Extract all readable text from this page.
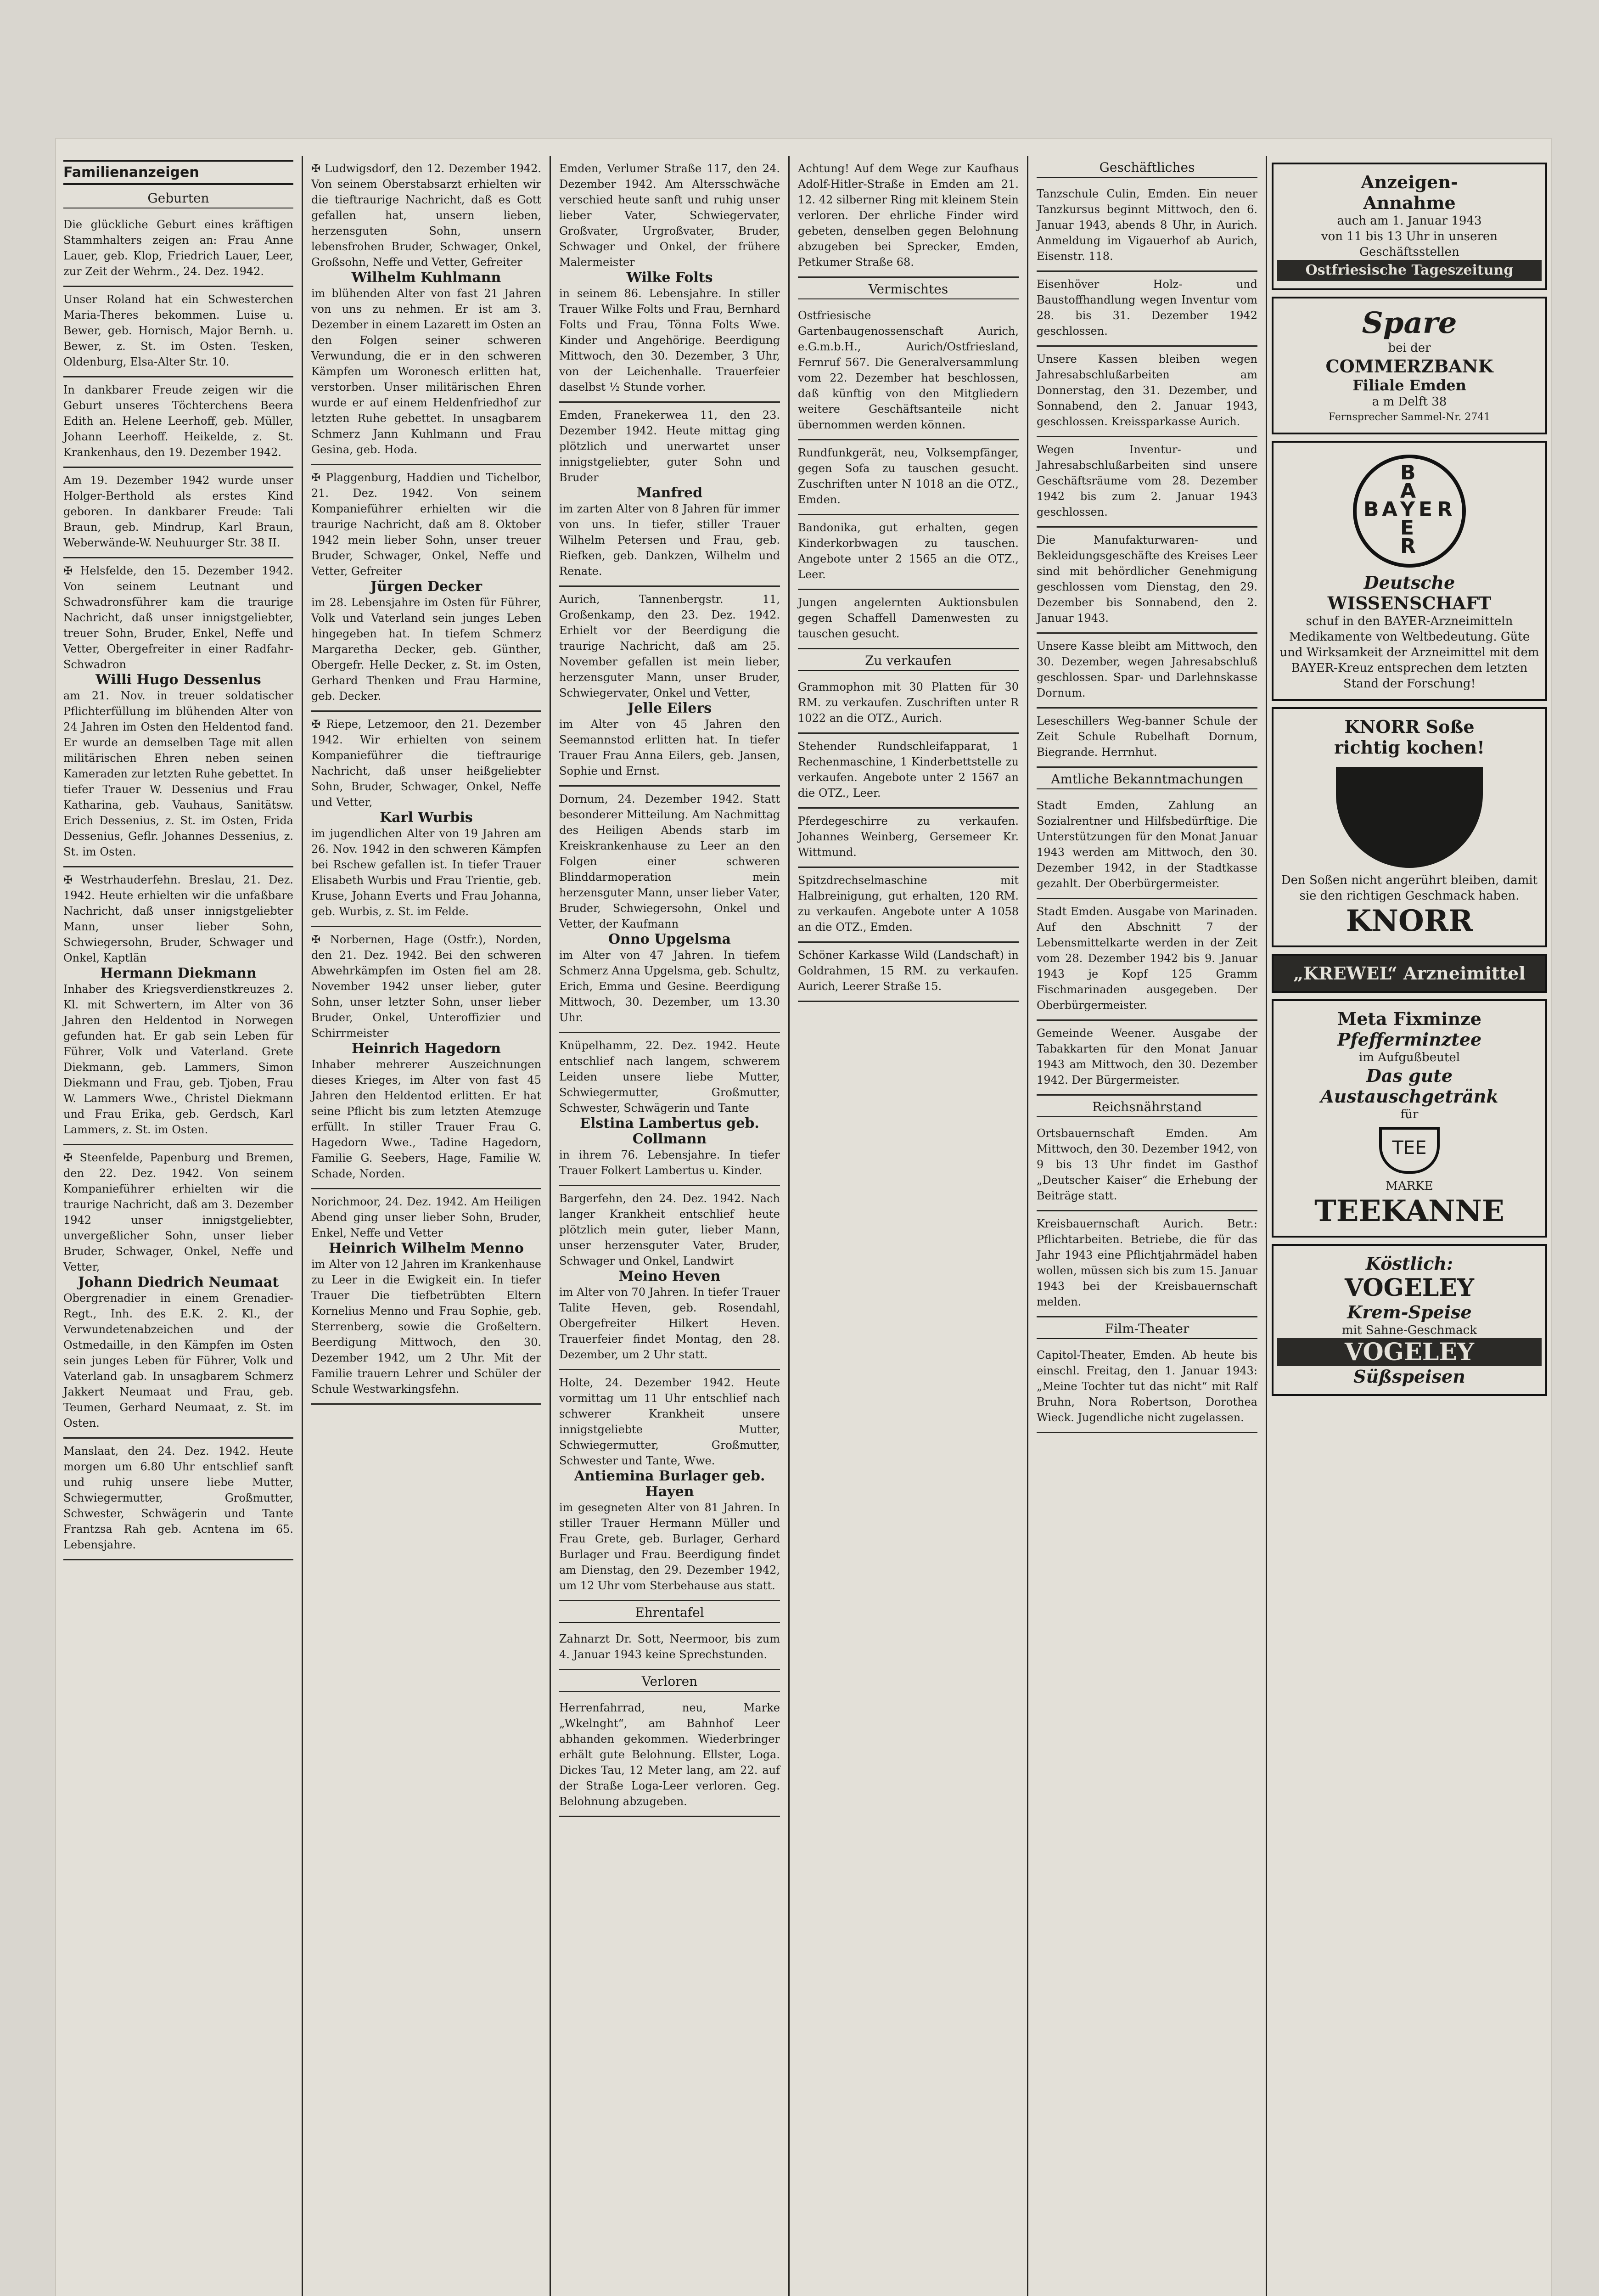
Familienanzeigen
Geburten
Die glückliche Geburt eines kräftigen Stammhalters zeigen an: Frau Anne Lauer, geb. Klop, Friedrich Lauer, Leer, zur Zeit der Wehrm., 24. Dez. 1942.
Unser Roland hat ein Schwesterchen Maria-Theres bekommen. Luise u. Bewer, geb. Hornisch, Major Bernh. u. Bewer, z. St. im Osten. Tesken, Oldenburg, Elsa-Alter Str. 10.
In dankbarer Freude zeigen wir die Geburt unseres Töchterchens Beera Edith an. Helene Leerhoff, geb. Müller, Johann Leerhoff. Heikelde, z. St. Krankenhaus, den 19. Dezember 1942.
Am 19. Dezember 1942 wurde unser Holger-Berthold als erstes Kind geboren. In dankbarer Freude: Tali Braun, geb. Mindrup, Karl Braun, Weberwände-W. Neuhuurger Str. 38 II.
✠ Helsfelde, den 15. Dezember 1942. Von seinem Leutnant und Schwadronsführer kam die traurige Nachricht, daß unser innigstgeliebter, treuer Sohn, Bruder, Enkel, Neffe und Vetter, Obergefreiter in einer Radfahr-Schwadron
Willi Hugo Dessenlus
am 21. Nov. in treuer soldatischer Pflichterfüllung im blühenden Alter von 24 Jahren im Osten den Heldentod fand. Er wurde an demselben Tage mit allen militärischen Ehren neben seinen Kameraden zur letzten Ruhe gebettet. In tiefer Trauer W. Dessenius und Frau Katharina, geb. Vauhaus, Sanitätsw. Erich Dessenius, z. St. im Osten, Frida Dessenius, Geflr. Johannes Dessenius, z. St. im Osten.
✠ Westrhauderfehn. Breslau, 21. Dez. 1942. Heute erhielten wir die unfaßbare Nachricht, daß unser innigstgeliebter Mann, unser lieber Sohn, Schwiegersohn, Bruder, Schwager und Onkel, Kaptlän
Hermann Diekmann
Inhaber des Kriegsverdienstkreuzes 2. Kl. mit Schwertern, im Alter von 36 Jahren den Heldentod in Norwegen gefunden hat. Er gab sein Leben für Führer, Volk und Vaterland. Grete Diekmann, geb. Lammers, Simon Diekmann und Frau, geb. Tjoben, Frau W. Lammers Wwe., Christel Diekmann und Frau Erika, geb. Gerdsch, Karl Lammers, z. St. im Osten.
✠ Steenfelde, Papenburg und Bremen, den 22. Dez. 1942. Von seinem Kompanieführer erhielten wir die traurige Nachricht, daß am 3. Dezember 1942 unser innigstgeliebter, unvergeßlicher Sohn, unser lieber Bruder, Schwager, Onkel, Neffe und Vetter,
Johann Diedrich Neumaat
Obergrenadier in einem Grenadier-Regt., Inh. des E.K. 2. Kl., der Verwundetenabzeichen und der Ostmedaille, in den Kämpfen im Osten sein junges Leben für Führer, Volk und Vaterland gab. In unsagbarem Schmerz Jakkert Neumaat und Frau, geb. Teumen, Gerhard Neumaat, z. St. im Osten.
Manslaat, den 24. Dez. 1942. Heute morgen um 6.80 Uhr entschlief sanft und ruhig unsere liebe Mutter, Schwiegermutter, Großmutter, Schwester, Schwägerin und Tante Frantzsa Rah geb. Acntena im 65. Lebensjahre.
✠ Ludwigsdorf, den 12. Dezember 1942. Von seinem Oberstabsarzt erhielten wir die tieftraurige Nachricht, daß es Gott gefallen hat, unsern lieben, herzensguten Sohn, unsern lebensfrohen Bruder, Schwager, Onkel, Großsohn, Neffe und Vetter, Gefreiter
Wilhelm Kuhlmann
im blühenden Alter von fast 21 Jahren von uns zu nehmen. Er ist am 3. Dezember in einem Lazarett im Osten an den Folgen seiner schweren Verwundung, die er in den schweren Kämpfen um Woronesch erlitten hat, verstorben. Unser militärischen Ehren wurde er auf einem Heldenfriedhof zur letzten Ruhe gebettet. In unsagbarem Schmerz Jann Kuhlmann und Frau Gesina, geb. Hoda.
✠ Plaggenburg, Haddien und Tichelbor, 21. Dez. 1942. Von seinem Kompanieführer erhielten wir die traurige Nachricht, daß am 8. Oktober 1942 mein lieber Sohn, unser treuer Bruder, Schwager, Onkel, Neffe und Vetter, Gefreiter
Jürgen Decker
im 28. Lebensjahre im Osten für Führer, Volk und Vaterland sein junges Leben hingegeben hat. In tiefem Schmerz Margaretha Decker, geb. Günther, Obergefr. Helle Decker, z. St. im Osten, Gerhard Thenken und Frau Harmine, geb. Decker.
✠ Riepe, Letzemoor, den 21. Dezember 1942. Wir erhielten von seinem Kompanieführer die tieftraurige Nachricht, daß unser heißgeliebter Sohn, Bruder, Schwager, Onkel, Neffe und Vetter,
Karl Wurbis
im jugendlichen Alter von 19 Jahren am 26. Nov. 1942 in den schweren Kämpfen bei Rschew gefallen ist. In tiefer Trauer Elisabeth Wurbis und Frau Trientie, geb. Kruse, Johann Everts und Frau Johanna, geb. Wurbis, z. St. im Felde.
✠ Norbernen, Hage (Ostfr.), Norden, den 21. Dez. 1942. Bei den schweren Abwehrkämpfen im Osten fiel am 28. November 1942 unser lieber, guter Sohn, unser letzter Sohn, unser lieber Bruder, Onkel, Unteroffizier und Schirrmeister
Heinrich Hagedorn
Inhaber mehrerer Auszeichnungen dieses Krieges, im Alter von fast 45 Jahren den Heldentod erlitten. Er hat seine Pflicht bis zum letzten Atemzuge erfüllt. In stiller Trauer Frau G. Hagedorn Wwe., Tadine Hagedorn, Familie G. Seebers, Hage, Familie W. Schade, Norden.
Norichmoor, 24. Dez. 1942. Am Heiligen Abend ging unser lieber Sohn, Bruder, Enkel, Neffe und Vetter
Heinrich Wilhelm Menno
im Alter von 12 Jahren im Krankenhause zu Leer in die Ewigkeit ein. In tiefer Trauer Die tiefbetrübten Eltern Kornelius Menno und Frau Sophie, geb. Sterrenberg, sowie die Großeltern. Beerdigung Mittwoch, den 30. Dezember 1942, um 2 Uhr. Mit der Familie trauern Lehrer und Schüler der Schule Westwarkingsfehn.
Emden, Verlumer Straße 117, den 24. Dezember 1942. Am Altersschwäche verschied heute sanft und ruhig unser lieber Vater, Schwiegervater, Großvater, Urgroßvater, Bruder, Schwager und Onkel, der frühere Malermeister
Wilke Folts
in seinem 86. Lebensjahre. In stiller Trauer Wilke Folts und Frau, Bernhard Folts und Frau, Tönna Folts Wwe. Kinder und Angehörige. Beerdigung Mittwoch, den 30. Dezember, 3 Uhr, von der Leichenhalle. Trauerfeier daselbst ½ Stunde vorher.
Emden, Franekerwea 11, den 23. Dezember 1942. Heute mittag ging plötzlich und unerwartet unser innigstgeliebter, guter Sohn und Bruder
Manfred
im zarten Alter von 8 Jahren für immer von uns. In tiefer, stiller Trauer Wilhelm Petersen und Frau, geb. Riefken, geb. Dankzen, Wilhelm und Renate.
Aurich, Tannenbergstr. 11, Großenkamp, den 23. Dez. 1942. Erhielt vor der Beerdigung die traurige Nachricht, daß am 25. November gefallen ist mein lieber, herzensguter Mann, unser Bruder, Schwiegervater, Onkel und Vetter,
Jelle Eilers
im Alter von 45 Jahren den Seemannstod erlitten hat. In tiefer Trauer Frau Anna Eilers, geb. Jansen, Sophie und Ernst.
Dornum, 24. Dezember 1942. Statt besonderer Mitteilung. Am Nachmittag des Heiligen Abends starb im Kreiskrankenhause zu Leer an den Folgen einer schweren Blinddarmoperation mein herzensguter Mann, unser lieber Vater, Bruder, Schwiegersohn, Onkel und Vetter, der Kaufmann
Onno Upgelsma
im Alter von 47 Jahren. In tiefem Schmerz Anna Upgelsma, geb. Schultz, Erich, Emma und Gesine. Beerdigung Mittwoch, 30. Dezember, um 13.30 Uhr.
Knüpelhamm, 22. Dez. 1942. Heute entschlief nach langem, schwerem Leiden unsere liebe Mutter, Schwiegermutter, Großmutter, Schwester, Schwägerin und Tante
Elstina Lambertus geb. Collmann
in ihrem 76. Lebensjahre. In tiefer Trauer Folkert Lambertus u. Kinder.
Bargerfehn, den 24. Dez. 1942. Nach langer Krankheit entschlief heute plötzlich mein guter, lieber Mann, unser herzensguter Vater, Bruder, Schwager und Onkel, Landwirt
Meino Heven
im Alter von 70 Jahren. In tiefer Trauer Talite Heven, geb. Rosendahl, Obergefreiter Hilkert Heven. Trauerfeier findet Montag, den 28. Dezember, um 2 Uhr statt.
Holte, 24. Dezember 1942. Heute vormittag um 11 Uhr entschlief nach schwerer Krankheit unsere innigstgeliebte Mutter, Schwiegermutter, Großmutter, Schwester und Tante, Wwe.
Antiemina Burlager geb. Hayen
im gesegneten Alter von 81 Jahren. In stiller Trauer Hermann Müller und Frau Grete, geb. Burlager, Gerhard Burlager und Frau. Beerdigung findet am Dienstag, den 29. Dezember 1942, um 12 Uhr vom Sterbehause aus statt.
Ehrentafel
Zahnarzt Dr. Sott, Neermoor, bis zum 4. Januar 1943 keine Sprechstunden.
Verloren
Herrenfahrrad, neu, Marke „Wkelnght“, am Bahnhof Leer abhanden gekommen. Wiederbringer erhält gute Belohnung. Ellster, Loga. Dickes Tau, 12 Meter lang, am 22. auf der Straße Loga-Leer verloren. Geg. Belohnung abzugeben.
Achtung! Auf dem Wege zur Kaufhaus Adolf-Hitler-Straße in Emden am 21. 12. 42 silberner Ring mit kleinem Stein verloren. Der ehrliche Finder wird gebeten, denselben gegen Belohnung abzugeben bei Sprecker, Emden, Petkumer Straße 68.
Vermischtes
Ostfriesische Gartenbaugenossenschaft Aurich, e.G.m.b.H., Aurich/Ostfriesland, Fernruf 567. Die Generalversammlung vom 22. Dezember hat beschlossen, daß künftig von den Mitgliedern weitere Geschäftsanteile nicht übernommen werden können.
Rundfunkgerät, neu, Volksempfänger, gegen Sofa zu tauschen gesucht. Zuschriften unter N 1018 an die OTZ., Emden.
Bandonika, gut erhalten, gegen Kinderkorbwagen zu tauschen. Angebote unter 2 1565 an die OTZ., Leer.
Jungen angelernten Auktionsbulen gegen Schaffell Damenwesten zu tauschen gesucht.
Zu verkaufen
Grammophon mit 30 Platten für 30 RM. zu verkaufen. Zuschriften unter R 1022 an die OTZ., Aurich.
Stehender Rundschleifapparat, 1 Rechenmaschine, 1 Kinderbettstelle zu verkaufen. Angebote unter 2 1567 an die OTZ., Leer.
Pferdegeschirre zu verkaufen. Johannes Weinberg, Gersemeer Kr. Wittmund.
Spitzdrechselmaschine mit Halbreinigung, gut erhalten, 120 RM. zu verkaufen. Angebote unter A 1058 an die OTZ., Emden.
Schöner Karkasse Wild (Landschaft) in Goldrahmen, 15 RM. zu verkaufen. Aurich, Leerer Straße 15.
Geschäftliches
Tanzschule Culin, Emden. Ein neuer Tanzkursus beginnt Mittwoch, den 6. Januar 1943, abends 8 Uhr, in Aurich. Anmeldung im Vigauerhof ab Aurich, Eisenstr. 118.
Eisenhöver Holz- und Baustoffhandlung wegen Inventur vom 28. bis 31. Dezember 1942 geschlossen.
Unsere Kassen bleiben wegen Jahresabschlußarbeiten am Donnerstag, den 31. Dezember, und Sonnabend, den 2. Januar 1943, geschlossen. Kreissparkasse Aurich.
Wegen Inventur- und Jahresabschlußarbeiten sind unsere Geschäftsräume vom 28. Dezember 1942 bis zum 2. Januar 1943 geschlossen.
Die Manufakturwaren- und Bekleidungsgeschäfte des Kreises Leer sind mit behördlicher Genehmigung geschlossen vom Dienstag, den 29. Dezember bis Sonnabend, den 2. Januar 1943.
Unsere Kasse bleibt am Mittwoch, den 30. Dezember, wegen Jahresabschluß geschlossen. Spar- und Darlehnskasse Dornum.
Leseschillers Weg-banner Schule der Zeit Schule Rubelhaft Dornum, Biegrande. Herrnhut.
Amtliche Bekanntmachungen
Stadt Emden, Zahlung an Sozialrentner und Hilfsbedürftige. Die Unterstützungen für den Monat Januar 1943 werden am Mittwoch, den 30. Dezember 1942, in der Stadtkasse gezahlt. Der Oberbürgermeister.
Stadt Emden. Ausgabe von Marinaden. Auf den Abschnitt 7 der Lebensmittelkarte werden in der Zeit vom 28. Dezember 1942 bis 9. Januar 1943 je Kopf 125 Gramm Fischmarinaden ausgegeben. Der Oberbürgermeister.
Gemeinde Weener. Ausgabe der Tabakkarten für den Monat Januar 1943 am Mittwoch, den 30. Dezember 1942. Der Bürgermeister.
Reichsnährstand
Ortsbauernschaft Emden. Am Mittwoch, den 30. Dezember 1942, von 9 bis 13 Uhr findet im Gasthof „Deutscher Kaiser“ die Erhebung der Beiträge statt.
Kreisbauernschaft Aurich. Betr.: Pflichtarbeiten. Betriebe, die für das Jahr 1943 eine Pflichtjahrmädel haben wollen, müssen sich bis zum 15. Januar 1943 bei der Kreisbauernschaft melden.
Film-Theater
Capitol-Theater, Emden. Ab heute bis einschl. Freitag, den 1. Januar 1943: „Meine Tochter tut das nicht“ mit Ralf Bruhn, Nora Robertson, Dorothea Wieck. Jugendliche nicht zugelassen.
Anzeigen-
Annahme
auch am 1. Januar 1943
von 11 bis 13 Uhr in unseren
Geschäftsstellen
Ostfriesische Tageszeitung
Spare
bei der
COMMERZBANK
Filiale Emden
a m Delft 38
Fernsprecher Sammel-Nr. 2741
B
A
B A Y E R
E
R
Deutsche
WISSENSCHAFT
schuf in den BAYER-Arzneimitteln Medikamente von Weltbedeutung. Güte und Wirksamkeit der Arzneimittel mit dem BAYER-Kreuz entsprechen dem letzten Stand der Forschung!
KNORR Soße
richtig kochen!
Den Soßen nicht angerührt bleiben, damit sie den richtigen Geschmack haben.
KNORR
„KREWEL“ Arzneimittel
Meta Fixminze
Pfefferminztee
im Aufgußbeutel
Das gute
Austauschgetränk
für
TEE
MARKE
TEEKANNE
Köstlich:
VOGELEY
Krem-Speise
mit Sahne-Geschmack
VOGELEY
Süßspeisen
